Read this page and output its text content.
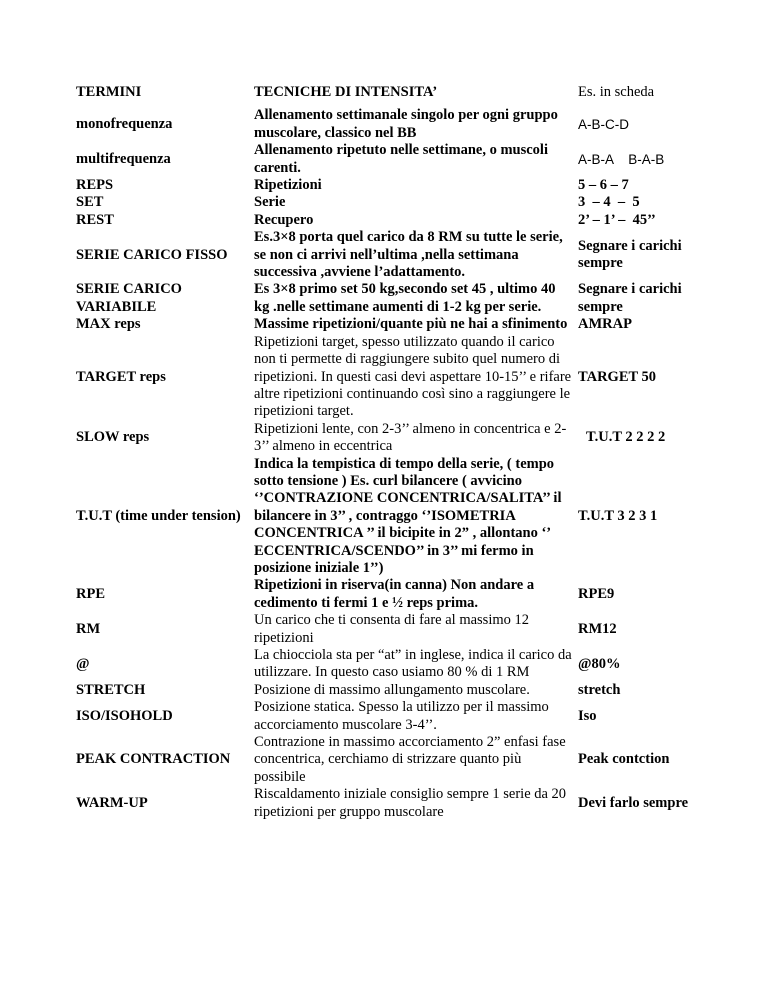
TERMINI	TECNICHE DI INTENSITA’	Es. in scheda
monofrequenza	Allenamento settimanale singolo per ogni gruppo muscolare, classico nel BB	A-B-C-D
multifrequenza	Allenamento ripetuto nelle settimane, o muscoli carenti.	A-B-A    B-A-B
REPS	Ripetizioni	5 – 6 – 7
SET	Serie	3  – 4  –  5
REST	Recupero	2’ – 1’ –  45’’
SERIE CARICO FISSO	Es.3×8 porta quel carico da 8 RM su tutte le serie, se non ci arrivi nell’ultima ,nella settimana successiva ,avviene l’adattamento.	Segnare i carichi sempre
SERIE CARICO VARIABILE	Es 3×8 primo set 50 kg,secondo set 45 , ultimo 40 kg .nelle settimane aumenti di 1-2 kg per serie.	Segnare i carichi sempre
MAX reps	Massime ripetizioni/quante più ne hai a sfinimento	AMRAP
TARGET reps	Ripetizioni target, spesso utilizzato quando il carico non ti permette di raggiungere subito quel numero di ripetizioni. In questi casi devi aspettare 10-15’’ e rifare altre ripetizioni continuando così sino a raggiungere le ripetizioni target.	TARGET 50
SLOW reps	Ripetizioni lente, con 2-3’’ almeno in concentrica e 2-3’’ almeno in eccentrica	T.U.T 2 2 2 2
T.U.T (time under tension)	Indica la tempistica di tempo della serie, ( tempo sotto tensione ) Es. curl bilancere ( avvicino ‘’CONTRAZIONE CONCENTRICA/SALITA’’ il bilancere in 3’’ , contraggo ‘’ISOMETRIA CONCENTRICA ’’ il bicipite in 2” , allontano ‘’ ECCENTRICA/SCENDO’’ in 3’’ mi fermo in posizione iniziale 1’’)	T.U.T 3 2 3 1
RPE	Ripetizioni in riserva(in canna) Non andare a cedimento ti fermi 1 e ½ reps prima.	RPE9
RM	Un carico che ti consenta di fare al massimo 12 ripetizioni	RM12
@	La chiocciola sta per “at” in inglese, indica il carico da utilizzare. In questo caso usiamo 80 % di 1 RM	@80%
STRETCH	Posizione di massimo allungamento muscolare.	stretch
ISO/ISOHOLD	Posizione statica. Spesso la utilizzo per il massimo accorciamento muscolare 3-4’’.	Iso
PEAK CONTRACTION	Contrazione in massimo accorciamento 2” enfasi fase concentrica, cerchiamo di strizzare quanto più possibile	Peak contction
WARM-UP	Riscaldamento iniziale consiglio sempre 1 serie da 20 ripetizioni per gruppo muscolare	Devi farlo sempre
